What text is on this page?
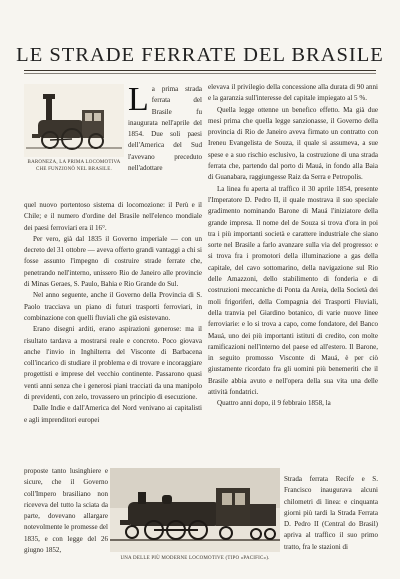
LE STRADE FERRATE DEL BRASILE
BARONEZA, LA PRIMA LOCOMOTIVA CHE FUNZIONÒ NEL BRASILE.

La prima strada ferrata del Brasile fu inaugurata nell'aprile del 1854. Due soli paesi dell'America del Sud l'avevano preceduto nell'adottare

quel nuovo portentoso sistema di locomozione: il Perù e il Chile; e il numero d'ordine del Brasile nell'elenco mondiale dei paesi ferroviari era il 16°.

Per vero, già dal 1835 il Governo imperiale — con un decreto del 31 ottobre — aveva offerto grandi vantaggi a chi si fosse assunto l'impegno di costruire strade ferrate che, penetrando nell'interno, unissero Rio de Janeiro alle provincie di Minas Geraes, S. Paulo, Bahia e Rio Grande do Sul.

Nel anno seguente, anche il Governo della Provincia di S. Paolo tracciava un piano di futuri trasporti ferroviari, in combinazione con quelli fluviali che già esistevano.

Erano disegni arditi, erano aspirazioni generose: ma il risultato tardava a mostrarsi reale e concreto. Poco giovava anche l'invio in Inghilterra del Visconte di Barbacena coll'incarico di studiare il problema e di trovare e incoraggiare progettisti e imprese del vecchio continente. Passarono quasi venti anni senza che i generosi piani tracciati da una manipolo di previdenti, con zelo, trovassero un principio di esecuzione.

Dalle Indie e dall'America del Nord venivano ai capitalisti e agli imprenditori europei

proposte tanto lusinghiere e sicure, che il Governo coll'Impero brasiliano non riceveva del tutto la sciata da parte, dovevano allargare notevolmente le promesse del 1835, e con legge del 26 giugno 1852,

elevava il privilegio della concessione alla durata di 90 anni e la garanzia sull'interesse del capitale impiegato al 5 %.

Quella legge ottenne un benefico effetto. Ma già due mesi prima che quella legge sanzionasse, il Governo della provincia di Rio de Janeiro aveva firmato un contratto con Ireneu Evangelista de Souza, il quale si assumeva, a sue spese e a suo rischio esclusivo, la costruzione di una strada ferrata che, partendo dal porto di Mauá, in fondo alla Baia di Guanabara, raggiungesse Raiz da Serra e Petropolis.

La linea fu aperta al traffico il 30 aprile 1854, presente l'Imperatore D. Pedro II, il quale mostrava il suo speciale gradimento nominando Barone di Mauá l'iniziatore della grande impresa. Il nome del de Souza si trova d'ora in poi tra i più importanti società e carattere industriale che siano sorte nel Brasile a farlo avanzare sulla via del progresso: e si trova fra i promotori della illuminazione a gas della capitale, del cavo sottomarino, della navigazione sul Rio delle Amazzoni, dello stabilimento di fonderia e di costruzioni meccaniche di Ponta da Areia, della Società dei moli frigoriferi, della Compagnia dei Trasporti Fluviali, della tranvia pel Giardino botanico, di varie nuove linee ferroviarie: e lo si trova a capo, come fondatore, del Banco Mauá, uno dei più importanti istituti di credito, con molte ramificazioni nell'interno del paese ed all'estero. Il Barone, in seguito promosso Visconte di Mauá, è per ciò giustamente ricordato fra gli uomini più benemeriti che il Brasile abbia avuto e nell'opera della sua vita una delle attività fondatrici.

Quattro anni dopo, il 9 febbraio 1858, la

Strada ferrata Recife e S. Francisco inaugurava alcuni chilometri di linea: e cinquanta giorni più tardi la Strada Ferrata D. Pedro II (Central do Brasil) apriva al traffico il suo primo tratto, fra le stazioni di
UNA DELLE PIÙ MODERNE LOCOMOTIVE (TIPO «PACIFIC»).
